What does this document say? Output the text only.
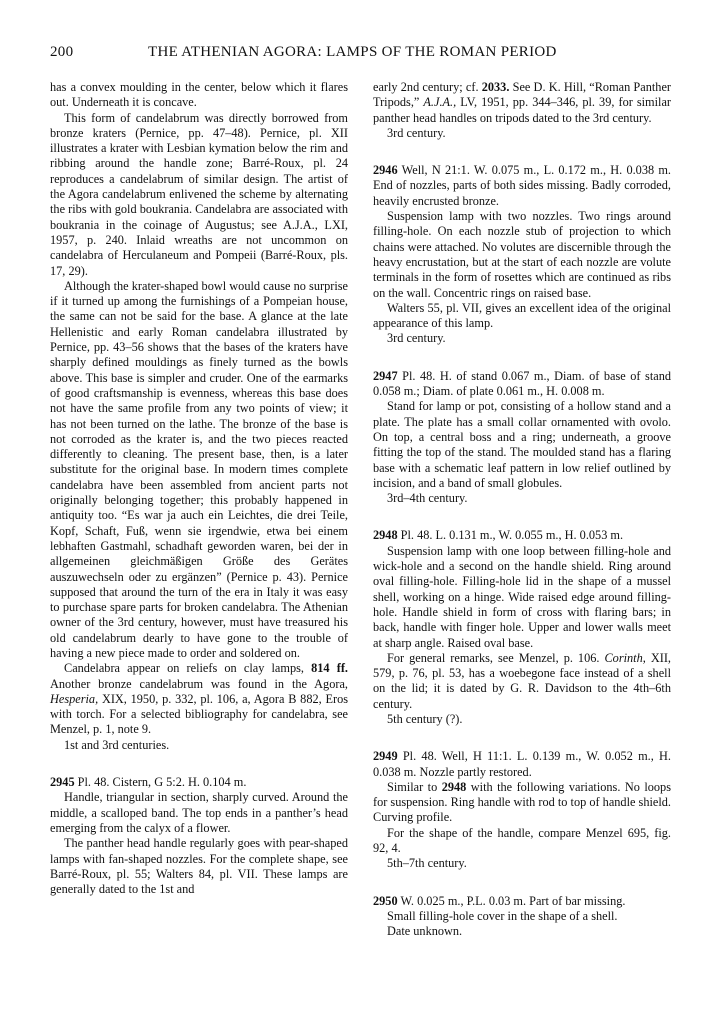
200	THE ATHENIAN AGORA: LAMPS OF THE ROMAN PERIOD

has a convex moulding in the center, below which it flares out. Underneath it is concave.

This form of candelabrum was directly borrowed from bronze kraters (Pernice, pp. 47–48). Pernice, pl. XII illustrates a krater with Lesbian kymation below the rim and ribbing around the handle zone; Barré-Roux, pl. 24 reproduces a candelabrum of similar design. The artist of the Agora candelabrum enlivened the scheme by alternating the ribs with gold boukrania. Candelabra are associated with boukrania in the coinage of Augustus; see A.J.A., LXI, 1957, p. 240. Inlaid wreaths are not uncommon on candelabra of Herculaneum and Pompeii (Barré-Roux, pls. 17, 29).

Although the krater-shaped bowl would cause no surprise if it turned up among the furnishings of a Pompeian house, the same can not be said for the base. A glance at the late Hellenistic and early Roman candelabra illustrated by Pernice, pp. 43–56 shows that the bases of the kraters have sharply defined mouldings as finely turned as the bowls above. This base is simpler and cruder. One of the earmarks of good craftsmanship is evenness, whereas this base does not have the same profile from any two points of view; it has not been turned on the lathe. The bronze of the base is not corroded as the krater is, and the two pieces reacted differently to cleaning. The present base, then, is a later substitute for the original base. In modern times complete candelabra have been assembled from ancient parts not originally belonging together; this probably happened in antiquity too. “Es war ja auch ein Leichtes, die drei Teile, Kopf, Schaft, Fuß, wenn sie irgendwie, etwa bei einem lebhaften Gastmahl, schadhaft geworden waren, bei der in allgemeinen gleichmäßigen Größe des Gerätes auszuwechseln oder zu ergänzen” (Pernice p. 43). Pernice supposed that around the turn of the era in Italy it was easy to purchase spare parts for broken candelabra. The Athenian owner of the 3rd century, however, must have treasured his old candelabrum dearly to have gone to the trouble of having a new piece made to order and soldered on.

Candelabra appear on reliefs on clay lamps, 814 ff. Another bronze candelabrum was found in the Agora, Hesperia, XIX, 1950, p. 332, pl. 106, a, Agora B 882, Eros with torch. For a selected bibliography for candelabra, see Menzel, p. 1, note 9.

1st and 3rd centuries.

2945 Pl. 48. Cistern, G 5:2. H. 0.104 m.

Handle, triangular in section, sharply curved. Around the middle, a scalloped band. The top ends in a panther’s head emerging from the calyx of a flower.

The panther head handle regularly goes with pear-shaped lamps with fan-shaped nozzles. For the complete shape, see Barré-Roux, pl. 55; Walters 84, pl. VII. These lamps are generally dated to the 1st and

early 2nd century; cf. 2033. See D. K. Hill, “Roman Panther Tripods,” A.J.A., LV, 1951, pp. 344–346, pl. 39, for similar panther head handles on tripods dated to the 3rd century.

3rd century.

2946 Well, N 21:1. W. 0.075 m., L. 0.172 m., H. 0.038 m. End of nozzles, parts of both sides missing. Badly corroded, heavily encrusted bronze.

Suspension lamp with two nozzles. Two rings around filling-hole. On each nozzle stub of projection to which chains were attached. No volutes are discernible through the heavy encrustation, but at the start of each nozzle are volute terminals in the form of rosettes which are continued as ribs on the wall. Concentric rings on raised base.

Walters 55, pl. VII, gives an excellent idea of the original appearance of this lamp.

3rd century.

2947 Pl. 48. H. of stand 0.067 m., Diam. of base of stand 0.058 m.; Diam. of plate 0.061 m., H. 0.008 m.

Stand for lamp or pot, consisting of a hollow stand and a plate. The plate has a small collar ornamented with ovolo. On top, a central boss and a ring; underneath, a groove fitting the top of the stand. The moulded stand has a flaring base with a schematic leaf pattern in low relief outlined by incision, and a band of small globules.

3rd–4th century.

2948 Pl. 48. L. 0.131 m., W. 0.055 m., H. 0.053 m.

Suspension lamp with one loop between filling-hole and wick-hole and a second on the handle shield. Ring around oval filling-hole. Filling-hole lid in the shape of a mussel shell, working on a hinge. Wide raised edge around filling-hole. Handle shield in form of cross with flaring bars; in back, handle with finger hole. Upper and lower walls meet at sharp angle. Raised oval base.

For general remarks, see Menzel, p. 106. Corinth, XII, 579, p. 76, pl. 53, has a woebegone face instead of a shell on the lid; it is dated by G. R. Davidson to the 4th–6th century.

5th century (?).

2949 Pl. 48. Well, H 11:1. L. 0.139 m., W. 0.052 m., H. 0.038 m. Nozzle partly restored.

Similar to 2948 with the following variations. No loops for suspension. Ring handle with rod to top of handle shield. Curving profile.

For the shape of the handle, compare Menzel 695, fig. 92, 4.

5th–7th century.

2950 W. 0.025 m., P.L. 0.03 m. Part of bar missing.

Small filling-hole cover in the shape of a shell.

Date unknown.
